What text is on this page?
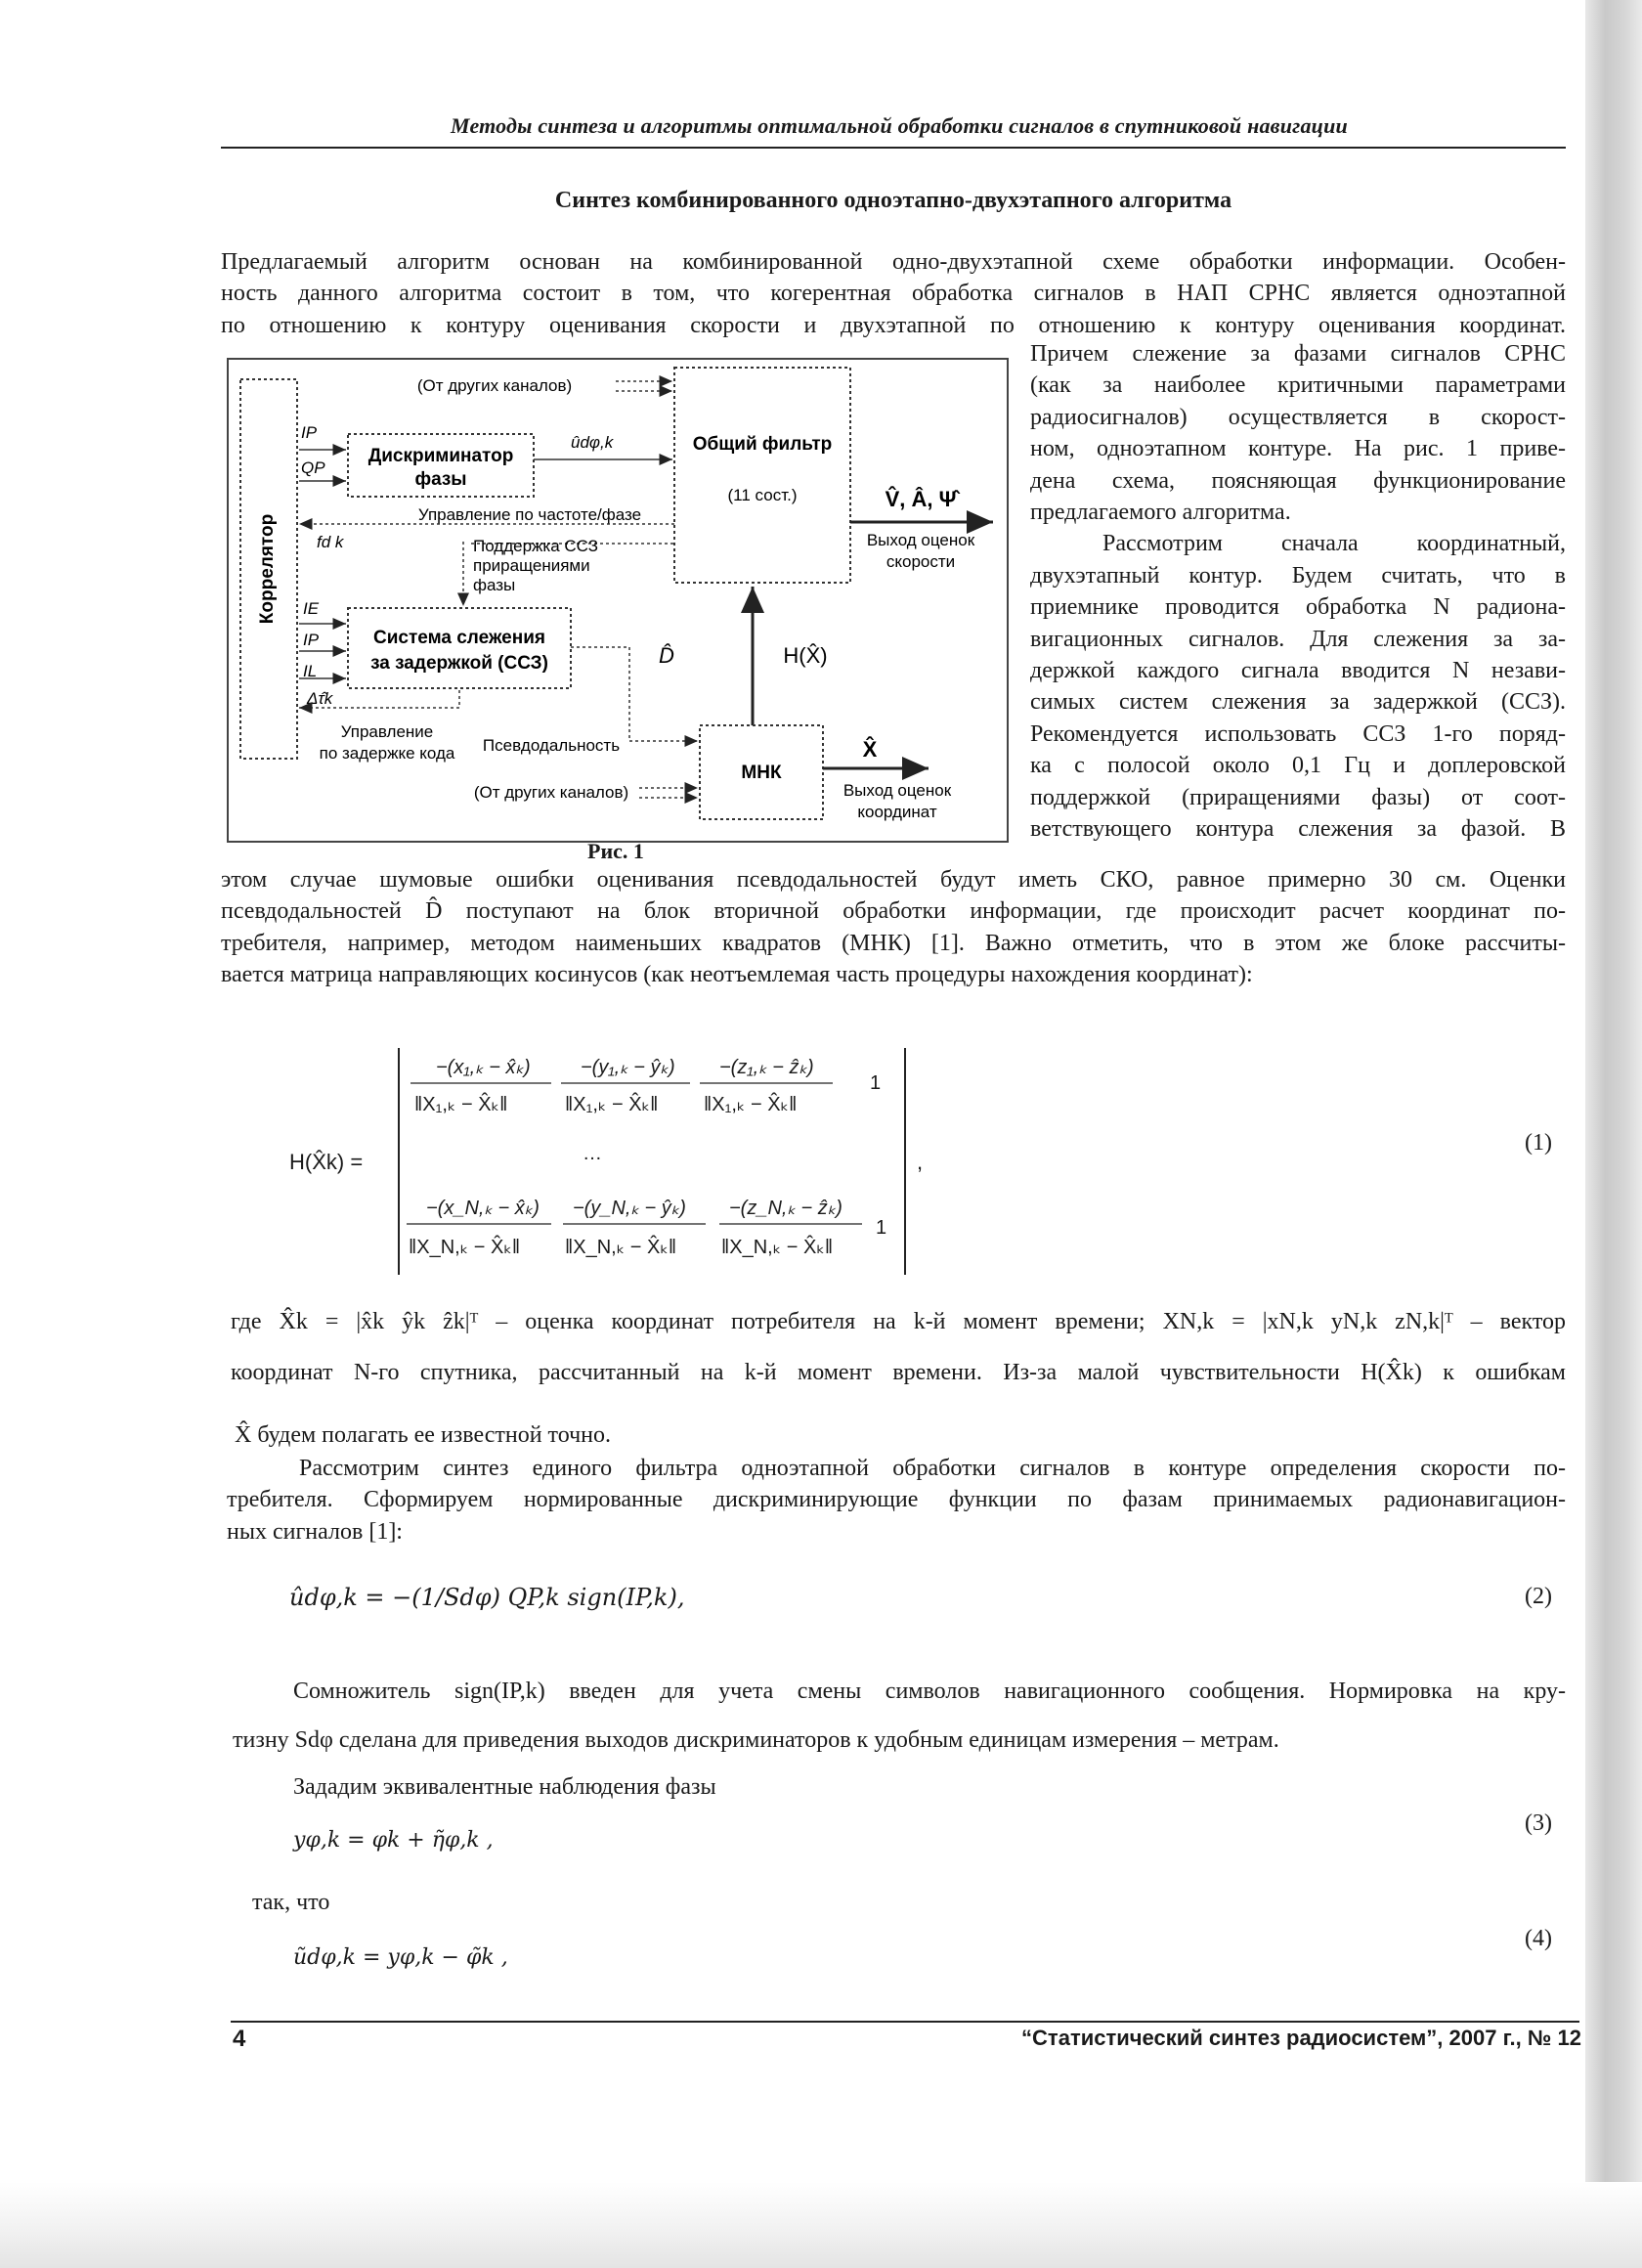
Методы синтеза и алгоритмы оптимальной обработки сигналов в спутниковой навигации
Синтез комбинированного одноэтапно-двухэтапного алгоритма

Предлагаемый алгоритм основан на комбинированной одно-двухэтапной схеме обработки информации. Особен-

ность данного алгоритма состоит в том, что когерентная обработка сигналов в НАП СРНС является одноэтапной

по отношению к контуру оценивания скорости и двухэтапной по отношению к контуру оценивания координат.

Причем слежение за фазами сигналов СРНС

(как за наиболее критичными параметрами

радиосигналов) осуществляется в скорост-

ном, одноэтапном контуре. На рис. 1 приве-

дена схема, поясняющая функционирование

предлагаемого алгоритма.

Рассмотрим сначала координатный,

двухэтапный контур. Будем считать, что в

приемнике проводится обработка N радиона-

вигационных сигналов. Для слежения за за-

держкой каждого сигнала вводится N незави-

симых систем слежения за задержкой (ССЗ).

Рекомендуется использовать ССЗ 1-го поряд-

ка с полосой около 0,1 Гц и доплеровской

поддержкой (приращениями фазы) от соот-

ветствующего контура слежения за фазой. В

Коррелятор
Общий фильтр
(11 сост.)
(От других каналов)
Дискриминатор
фазы
IP
QP
ûdφ,k
Управление по частоте/фазе
fd k
V̂, Â, Ψ̂
Выход оценок
скорости
Поддержка ССЗ
приращениями
фазы
Система слежения
за задержкой (ССЗ)
IE
IP
IL
D̂	H(X̂)
МНК
Псевдодальность
(От других каналов)
X̂
Выход оценок
координат
Δτ̂k
Управление
по задержке кода
Рис. 1

этом случае шумовые ошибки оценивания псевдодальностей будут иметь СКО, равное примерно 30 см. Оценки

псевдодальностей D̂ поступают на блок вторичной обработки информации, где происходит расчет координат по-

требителя, например, методом наименьших квадратов (МНК) [1]. Важно отметить, что в этом же блоке рассчиты-

вается матрица направляющих косинусов (как неотъемлемая часть процедуры нахождения координат):

H(X̂k) =
−(x₁,ₖ − x̂ₖ)
‖X₁,ₖ − X̂ₖ‖
−(y₁,ₖ − ŷₖ)
‖X₁,ₖ − X̂ₖ‖
−(z₁,ₖ − ẑₖ)
‖X₁,ₖ − X̂ₖ‖
1
…
−(x_N,ₖ − x̂ₖ)
‖X_N,ₖ − X̂ₖ‖
−(y_N,ₖ − ŷₖ)
‖X_N,ₖ − X̂ₖ‖
−(z_N,ₖ − ẑₖ)
‖X_N,ₖ − X̂ₖ‖
1
,
(1)
где X̂k = |x̂k ŷk ẑk|ᵀ – оценка координат потребителя на k-й момент времени; XN,k = |xN,k yN,k zN,k|ᵀ – вектор
координат N-го спутника, рассчитанный на k-й момент времени. Из-за малой чувствительности H(X̂k) к ошибкам
X̂ будем полагать ее известной точно.

Рассмотрим синтез единого фильтра одноэтапной обработки сигналов в контуре определения скорости по-

требителя. Сформируем нормированные дискриминирующие функции по фазам принимаемых радионавигацион-

ных сигналов [1]:

ûdφ,k = −(1/Sdφ) QP,k sign(IP,k),	(2)
Сомножитель sign(IP,k) введен для учета смены символов навигационного сообщения. Нормировка на кру-
тизну Sdφ сделана для приведения выходов дискриминаторов к удобным единицам измерения – метрам.
Зададим эквивалентные наблюдения фазы
yφ,k = φk + η̃φ,k ,
(3)
так, что
ũdφ,k = yφ,k − φ̃k ,
(4)
4	“Статистический синтез радиосистем”, 2007 г., № 12
